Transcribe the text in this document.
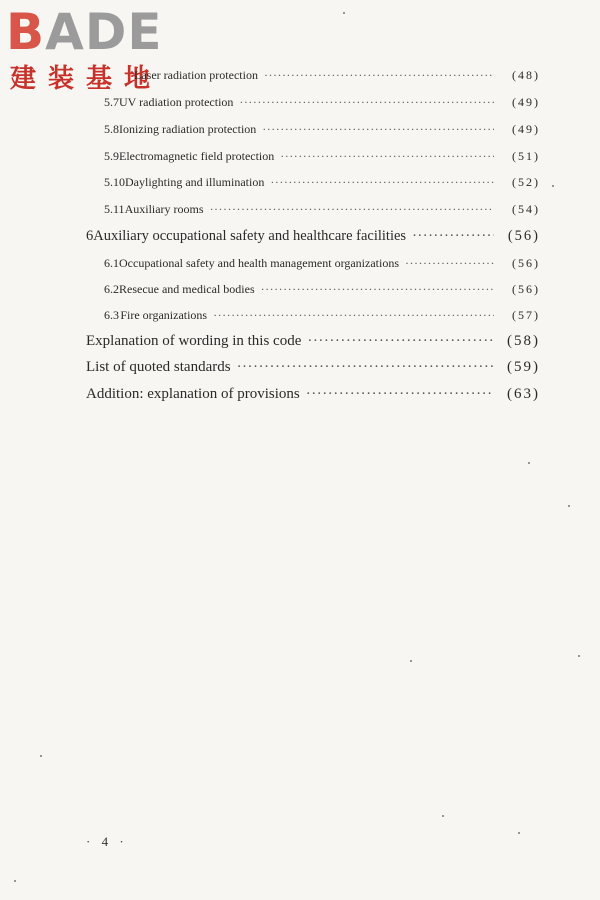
BADE
建装基地
Laser radiation protection ·····	(48)
5.7 UV radiation protection ·····	(49)
5.8 Ionizing radiation protection ·····	(49)
5.9 Electromagnetic field protection ·····	(51)
5.10 Daylighting and illumination ·····	(52)
5.11 Auxiliary rooms ·····	(54)
6 Auxiliary occupational safety and healthcare facilities ·····	(56)
6.1 Occupational safety and health management organizations ·····	(56)
6.2 Resecue and medical bodies ·····	(56)
6.3 Fire organizations ·····	(57)
Explanation of wording in this code ·····	(58)
List of quoted standards ·····	(59)
Addition: explanation of provisions ·····	(63)
· 4 ·
